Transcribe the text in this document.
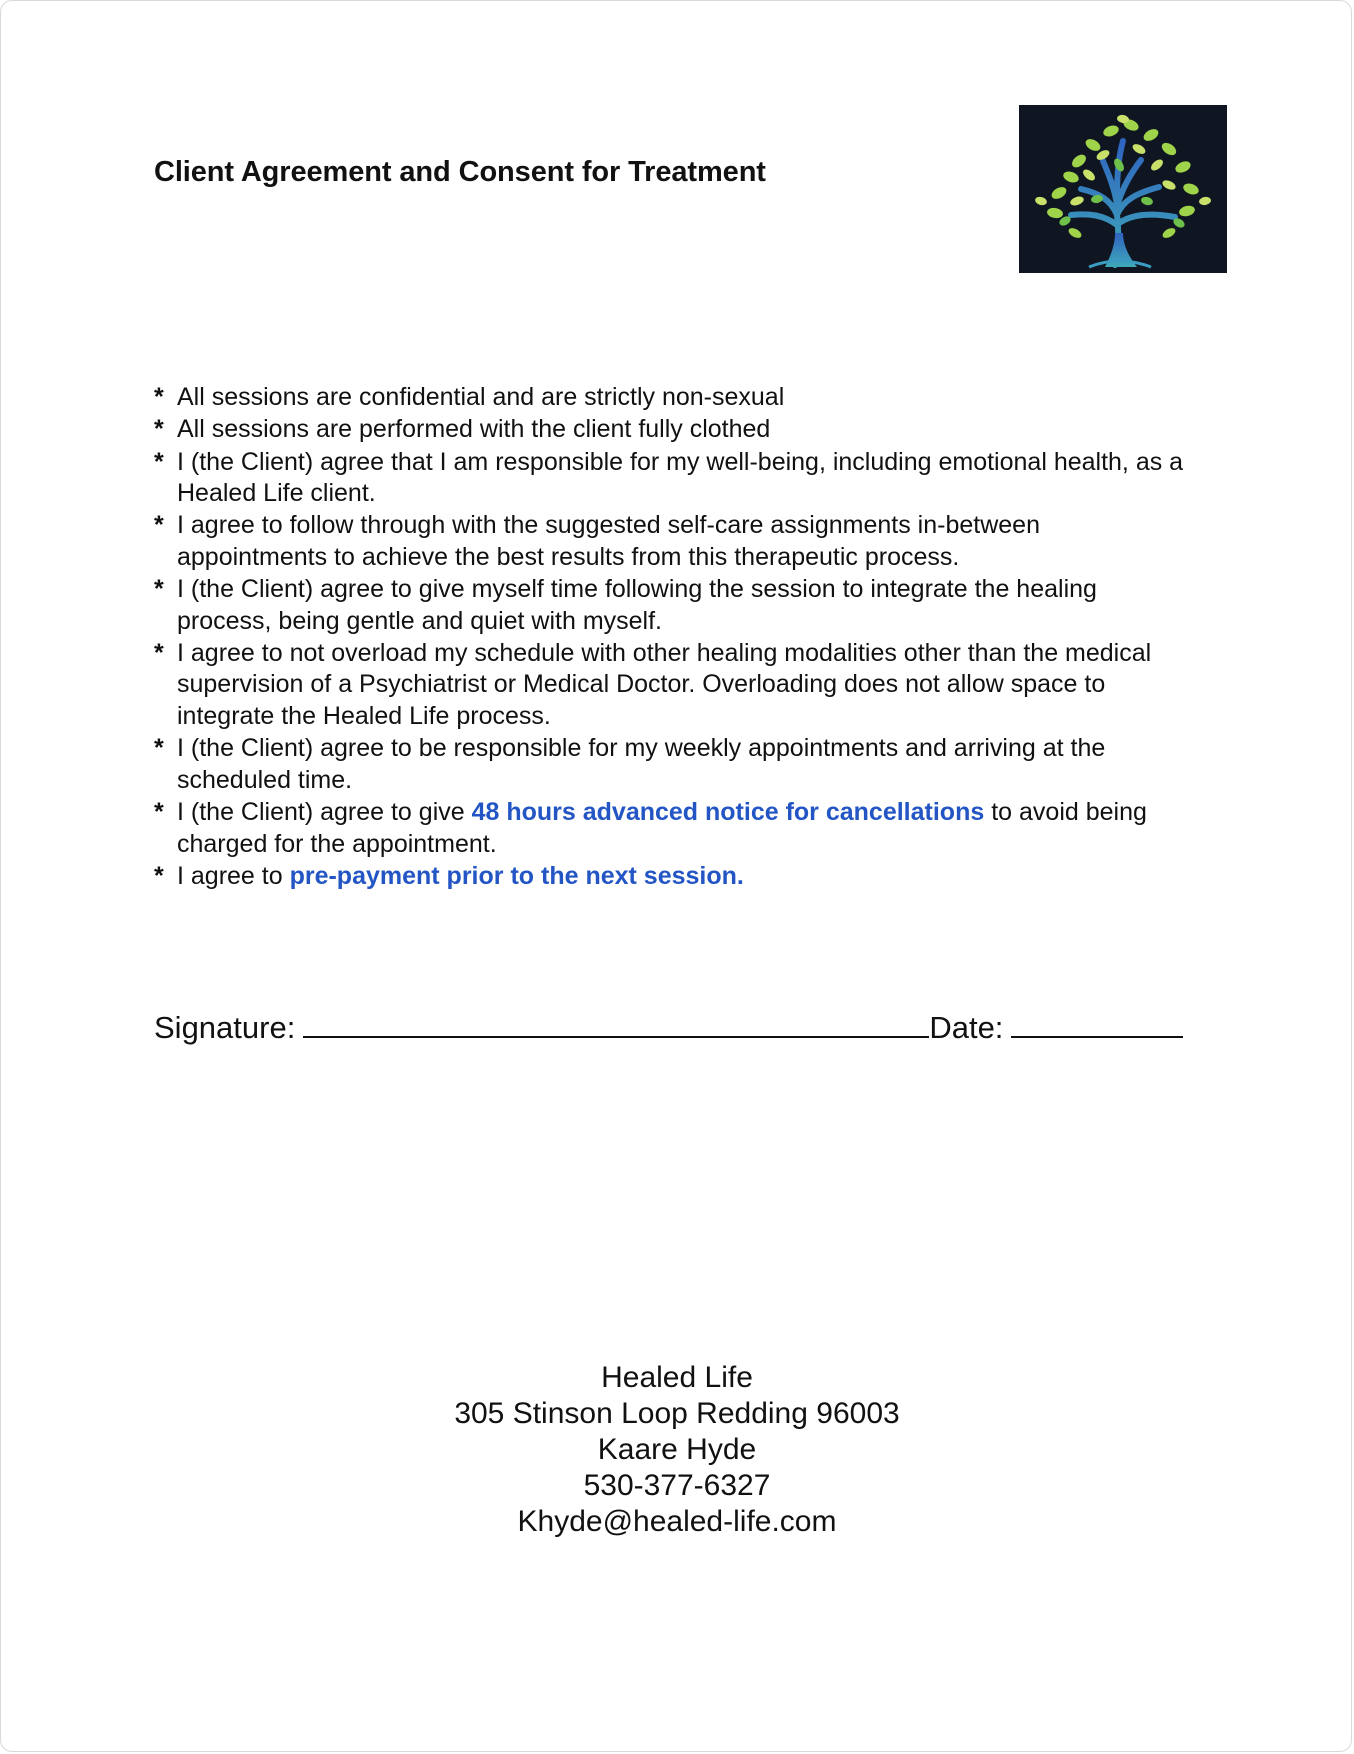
Client Agreement and Consent for Treatment
* All sessions are confidential and are strictly non-sexual
* All sessions are performed with the client fully clothed
* I (the Client) agree that I am responsible for my well-being, including emotional health, as a Healed Life client.
* I agree to follow through with the suggested self-care assignments in-between appointments to achieve the best results from this therapeutic process.
* I (the Client) agree to give myself time following the session to integrate the healing process, being gentle and quiet with myself.
* I agree to not overload my schedule with other healing modalities other than the medical supervision of a Psychiatrist or Medical Doctor. Overloading does not allow space to integrate the Healed Life process.
* I (the Client) agree to be responsible for my weekly appointments and arriving at the scheduled time.
* I (the Client) agree to give 48 hours advanced notice for cancellations to avoid being charged for the appointment.
* I agree to pre-payment prior to the next session.
Signature:	Date:
Healed Life
305 Stinson Loop Redding 96003
Kaare Hyde
530-377-6327
Khyde@healed-life.com
